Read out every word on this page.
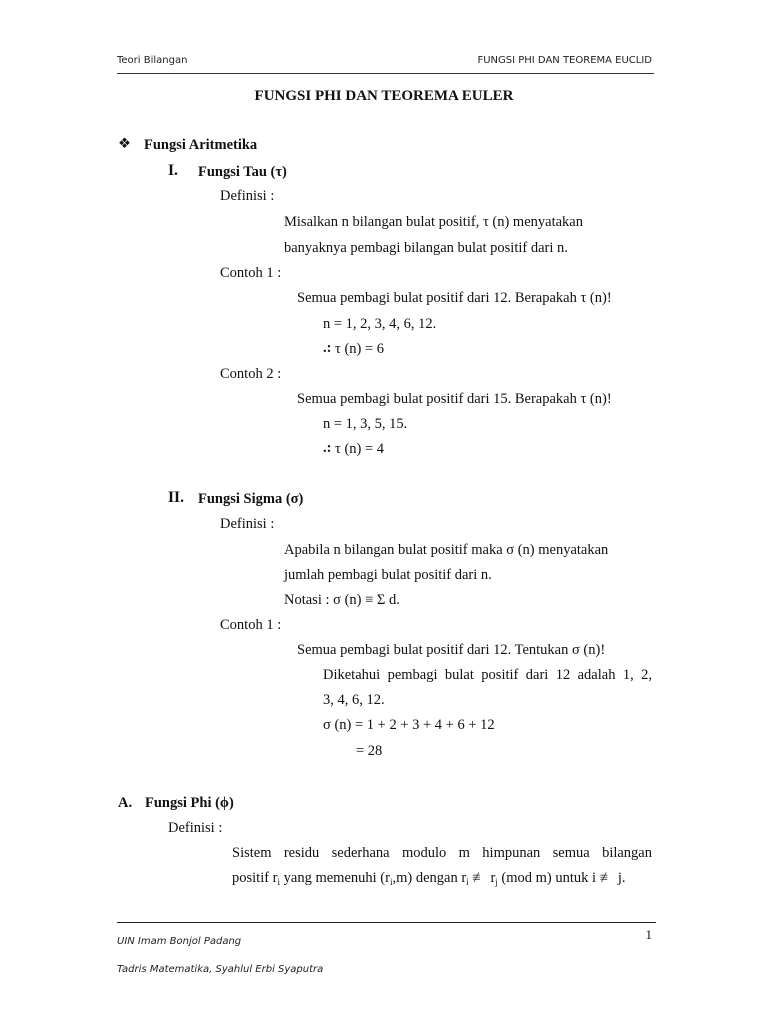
Teori Bilangan	FUNGSI PHI DAN TEOREMA EUCLID
FUNGSI PHI DAN TEOREMA EULER
❖ Fungsi Aritmetika
I. Fungsi Tau (τ)
Definisi :
Misalkan n bilangan bulat positif, τ (n) menyatakan
banyaknya pembagi bilangan bulat positif dari n.
Contoh 1 :
Semua pembagi bulat positif dari 12. Berapakah τ (n)!
n = 1, 2, 3, 4, 6, 12.
.: τ (n) = 6
Contoh 2 :
Semua pembagi bulat positif dari 15. Berapakah τ (n)!
n = 1, 3, 5, 15.
.: τ (n) = 4
II. Fungsi Sigma (σ)
Definisi :
Apabila n bilangan bulat positif maka σ (n) menyatakan
jumlah pembagi bulat positif dari n.
Notasi : σ (n) ≡ Σ d.
Contoh 1 :
Semua pembagi bulat positif dari 12. Tentukan σ (n)!
Diketahui pembagi bulat positif dari 12 adalah 1, 2,
3, 4, 6, 12.
σ (n) = 1 + 2 + 3 + 4 + 6 + 12
= 28
A. Fungsi Phi (ϕ)
Definisi :
Sistem residu sederhana modulo m himpunan semua bilangan
positif $r_i$ yang memenuhi $(r_i,m)$ dengan $r_i$ ≢ $r_j$ (mod m) untuk i ≢ j.
1
UIN Imam Bonjol Padang
Tadris Matematika, Syahlul Erbi Syaputra
